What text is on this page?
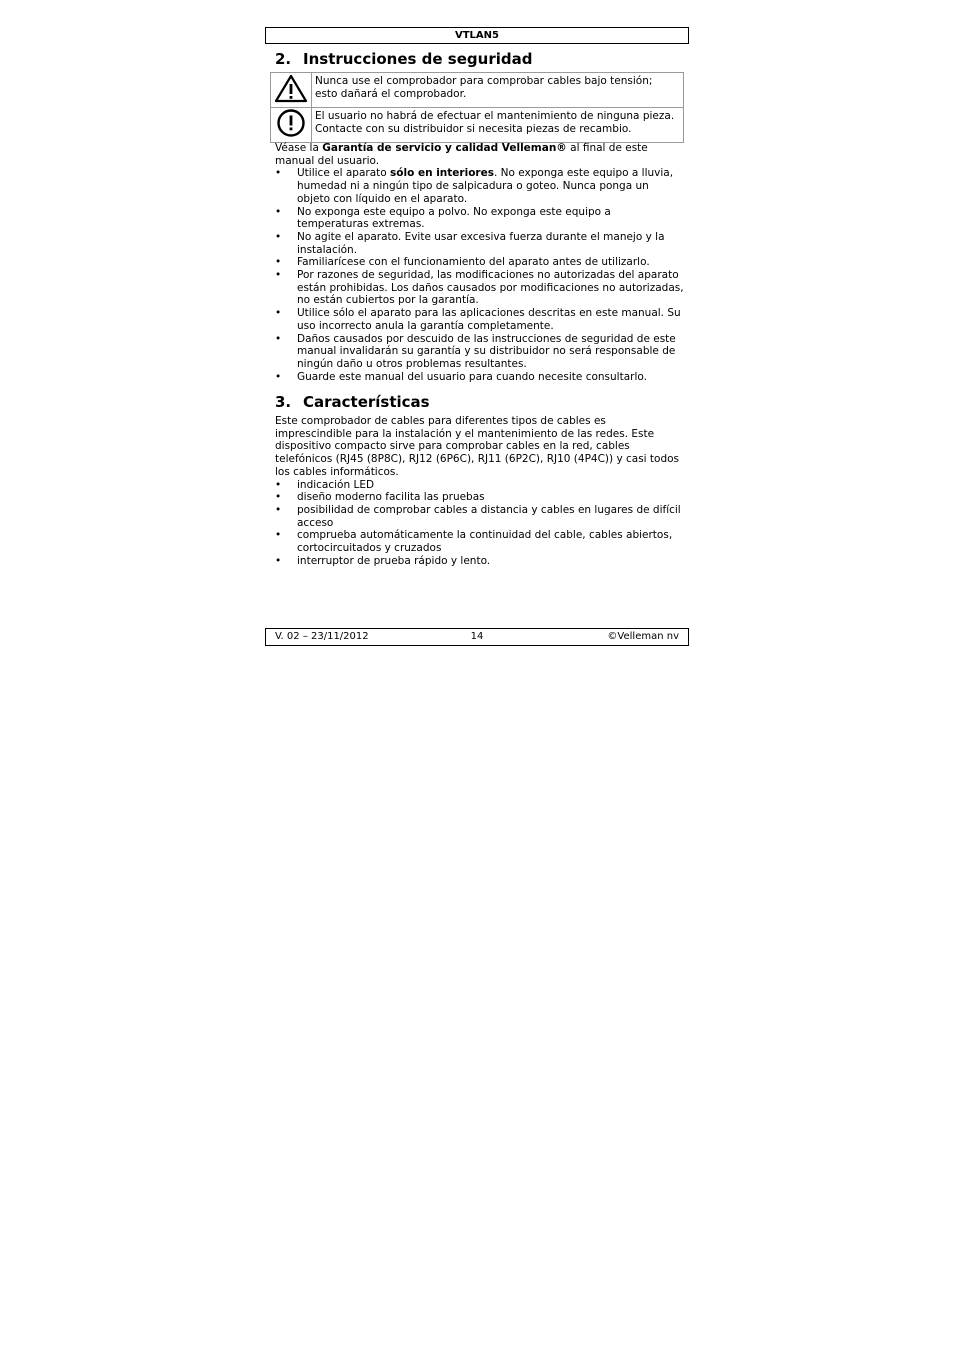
VTLAN5
2. Instrucciones de seguridad

Nunca use el comprobador para comprobar cables bajo tensión;
esto dañará el comprobador.

El usuario no habrá de efectuar el mantenimiento de ninguna pieza.
Contacte con su distribuidor si necesita piezas de recambio.

Véase la Garantía de servicio y calidad Velleman® al final de este manual del usuario.

• Utilice el aparato sólo en interiores. No exponga este equipo a lluvia, humedad ni a ningún tipo de salpicadura o goteo. Nunca ponga un objeto con líquido en el aparato.
• No exponga este equipo a polvo. No exponga este equipo a temperaturas extremas.
• No agite el aparato. Evite usar excesiva fuerza durante el manejo y la instalación.
• Familiarícese con el funcionamiento del aparato antes de utilizarlo.
• Por razones de seguridad, las modificaciones no autorizadas del aparato están prohibidas. Los daños causados por modificaciones no autorizadas, no están cubiertos por la garantía.
• Utilice sólo el aparato para las aplicaciones descritas en este manual. Su uso incorrecto anula la garantía completamente.
• Daños causados por descuido de las instrucciones de seguridad de este manual invalidarán su garantía y su distribuidor no será responsable de ningún daño u otros problemas resultantes.
• Guarde este manual del usuario para cuando necesite consultarlo.
3. Características

Este comprobador de cables para diferentes tipos de cables es imprescindible para la instalación y el mantenimiento de las redes. Este dispositivo compacto sirve para comprobar cables en la red, cables telefónicos (RJ45 (8P8C), RJ12 (6P6C), RJ11 (6P2C), RJ10 (4P4C)) y casi todos los cables informáticos.

• indicación LED
• diseño moderno facilita las pruebas
• posibilidad de comprobar cables a distancia y cables en lugares de difícil acceso
• comprueba automáticamente la continuidad del cable, cables abiertos, cortocircuitados y cruzados
• interruptor de prueba rápido y lento.
V. 02 – 23/11/2012	14	©Velleman nv
